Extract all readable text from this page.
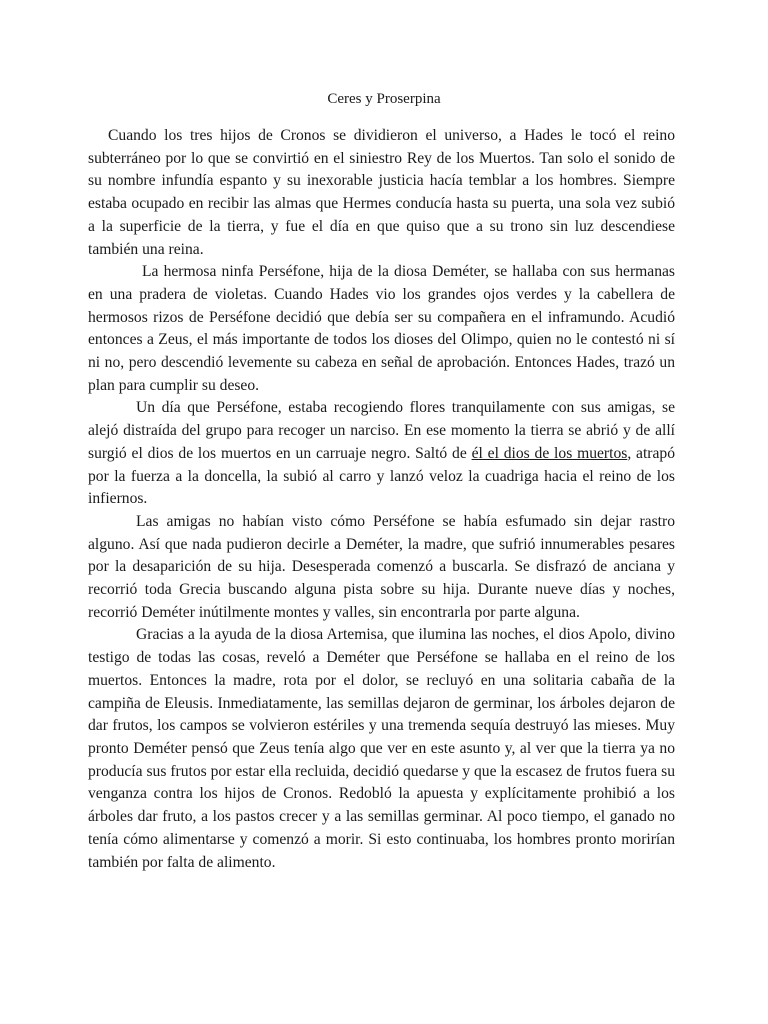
Ceres y Proserpina

Cuando los tres hijos de Cronos se dividieron el universo, a Hades le tocó el reino subterráneo por lo que se convirtió en el siniestro Rey de los Muertos. Tan solo el sonido de su nombre infundía espanto y su inexorable justicia hacía temblar a los hombres. Siempre estaba ocupado en recibir las almas que Hermes conducía hasta su puerta, una sola vez subió a la superficie de la tierra, y fue el día en que quiso que a su trono sin luz descendiese también una reina.

La hermosa ninfa Perséfone, hija de la diosa Deméter, se hallaba con sus hermanas en una pradera de violetas. Cuando Hades vio los grandes ojos verdes y la cabellera de hermosos rizos de Perséfone decidió que debía ser su compañera en el inframundo. Acudió entonces a Zeus, el más importante de todos los dioses del Olimpo, quien no le contestó ni sí ni no, pero descendió levemente su cabeza en señal de aprobación. Entonces Hades, trazó un plan para cumplir su deseo.

Un día que Perséfone, estaba recogiendo flores tranquilamente con sus amigas, se alejó distraída del grupo para recoger un narciso. En ese momento la tierra se abrió y de allí surgió el dios de los muertos en un carruaje negro. Saltó de él el dios de los muertos, atrapó por la fuerza a la doncella, la subió al carro y lanzó veloz la cuadriga hacia el reino de los infiernos.

Las amigas no habían visto cómo Perséfone se había esfumado sin dejar rastro alguno. Así que nada pudieron decirle a Deméter, la madre, que sufrió innumerables pesares por la desaparición de su hija. Desesperada comenzó a buscarla. Se disfrazó de anciana y recorrió toda Grecia buscando alguna pista sobre su hija. Durante nueve días y noches, recorrió Deméter inútilmente montes y valles, sin encontrarla por parte alguna.

Gracias a la ayuda de la diosa Artemisa, que ilumina las noches, el dios Apolo, divino testigo de todas las cosas, reveló a Deméter que Perséfone se hallaba en el reino de los muertos. Entonces la madre, rota por el dolor, se recluyó en una solitaria cabaña de la campiña de Eleusis. Inmediatamente, las semillas dejaron de germinar, los árboles dejaron de dar frutos, los campos se volvieron estériles y una tremenda sequía destruyó las mieses. Muy pronto Deméter pensó que Zeus tenía algo que ver en este asunto y, al ver que la tierra ya no producía sus frutos por estar ella recluida, decidió quedarse y que la escasez de frutos fuera su venganza contra los hijos de Cronos. Redobló la apuesta y explícitamente prohibió a los árboles dar fruto, a los pastos crecer y a las semillas germinar. Al poco tiempo, el ganado no tenía cómo alimentarse y comenzó a morir. Si esto continuaba, los hombres pronto morirían también por falta de alimento.
